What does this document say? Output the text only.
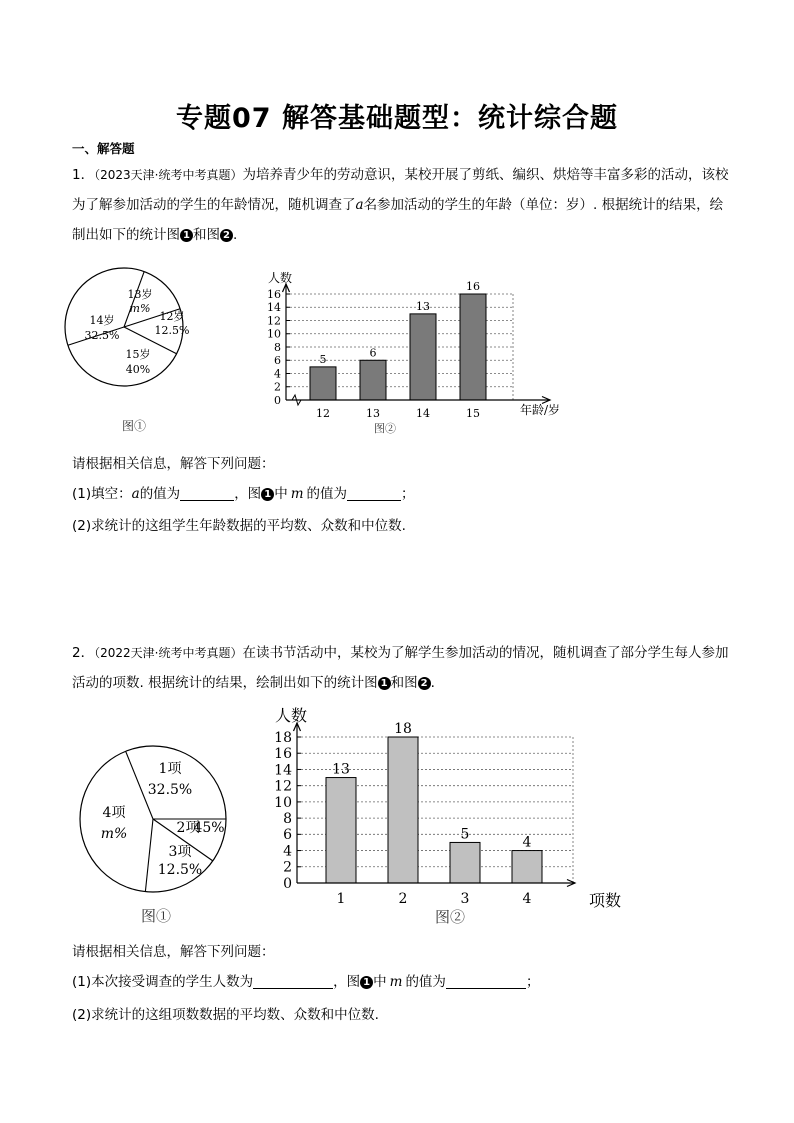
专题07 解答基础题型：统计综合题
一、解答题
1．（2023天津·统考中考真题）为培养青少年的劳动意识，某校开展了剪纸、编织、烘焙等丰富多彩的活动，该校为了解参加活动的学生的年龄情况，随机调查了a名参加活动的学生的年龄（单位：岁）. 根据统计的结果，绘制出如下的统计图 1 和图 2 .
13岁
m%
12岁
12.5%
15岁
40%
14岁
32.5%
图①
5
12
6
13
13
14
16
15
0
2
4
6
8
10
12
14
16
人数
年龄/岁
图②
请根据相关信息，解答下列问题：
(1)填空：a的值为	，图 1 中 m 的值为	；
(2)求统计的这组学生年龄数据的平均数、众数和中位数.
2．（2022天津·统考中考真题）在读书节活动中，某校为了解学生参加活动的情况，随机调查了部分学生每人参加活动的项数. 根据统计的结果，绘制出如下的统计图 1 和图 2 .
1项
32.5%
4项
m%
3项
12.5%
2项
45%
图①
13
1
18
2
5
3
4
4
0
2
4
6
8
10
12
14
16
18
人数
项数
图②
请根据相关信息，解答下列问题：
(1)本次接受调查的学生人数为	，图 1 中 m 的值为	；
(2)求统计的这组项数数据的平均数、众数和中位数.
